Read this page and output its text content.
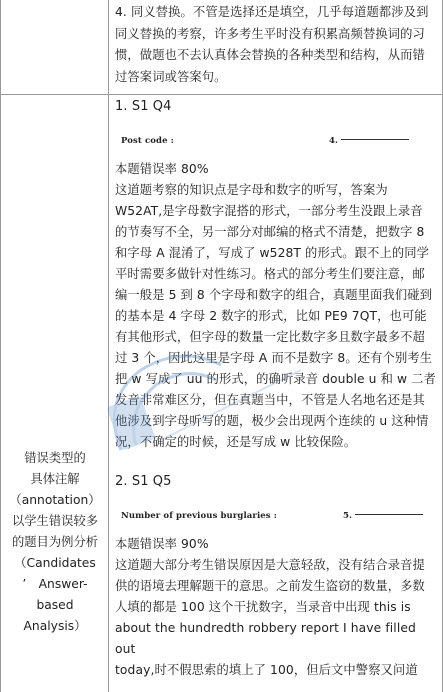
4. 同义替换。不管是选择还是填空，几乎每道题都涉及到
同义替换的考察，许多考生平时没有积累高频替换词的习
惯，做题也不去认真体会替换的各种类型和结构，从而错
过答案词或答案句。
错误类型的
具体注解
（annotation）
以学生错误较多
的题目为例分析
（Candidates
’　Answer-
based
Analysis）
1. S1 Q4
Post code :	4.
本题错误率 80%
这道题考察的知识点是字母和数字的听写，答案为
W52AT,是字母数字混搭的形式，一部分考生没跟上录音
的节奏写不全，另一部分对邮编的格式不清楚，把数字 8
和字母 A 混淆了，写成了 w528T 的形式。跟不上的同学
平时需要多做针对性练习。格式的部分考生们要注意，邮
编一般是 5 到 8 个字母和数字的组合，真题里面我们碰到
的基本是 4 字母 2 数字的形式，比如 PE9 7QT，也可能
有其他形式，但字母的数量一定比数字多且数字最多不超
过 3 个，因此这里是字母 A 而不是数字 8。还有个别考生
把 w 写成了 uu 的形式，的确听录音 double u 和 w 二者
发音非常难区分，但在真题当中，不管是人名地名还是其
他涉及到字母听写的题，极少会出现两个连续的 u 这种情
况，不确定的时候，还是写成 w 比较保险。
2. S1 Q5
Number of previous burglaries :	5.
本题错误率 90%
这道题大部分考生错误原因是大意轻敌，没有结合录音提
供的语境去理解题干的意思。之前发生盗窃的数量，多数
人填的都是 100 这个干扰数字，当录音中出现 this is
about the hundredth robbery report I have filled out
today,时不假思索的填上了 100，但后文中警察又问道
